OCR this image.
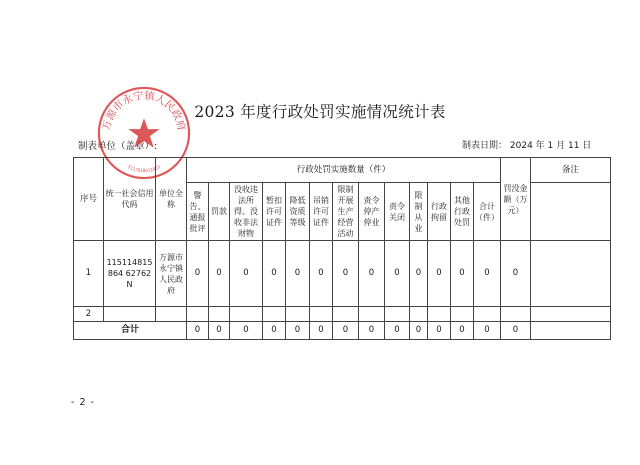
2023 年度行政处罚实施情况统计表
制表单位（盖章）:	制表日期： 2024 年 1 月 11 日
万源市永宁镇人民政府
5117810011863
序号	统一社会信用代码	单位全称	行政处罚实施数量（件）													罚没金额（万元）	备注
			警告、通报批评	罚款	没收违法所得、没收非法财物	暂扣许可证件	降低资质等级	吊销许可证件	限制开展生产经营活动	责令停产停业	责令关闭	限制从业	行政拘留	其他行政处罚	合计（件）		
1	115114815864 62762N	万源市永宁镇人民政府	0	0	0	0	0	0	0	0	0	0	0	0	0	0	
2																	
合计			0	0	0	0	0	0	0	0	0	0	0	0	0	0	
- 2 -
